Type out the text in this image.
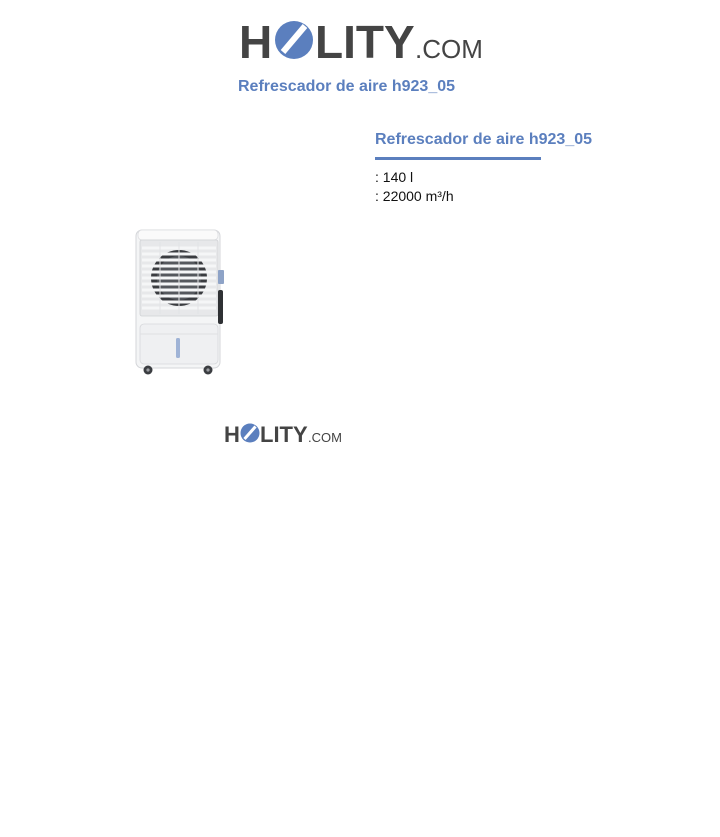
H LITY .COM
Refrescador de aire h923_05
Refrescador de aire h923_05
: 140 l
: 22000 m³/h
H LITY .COM
